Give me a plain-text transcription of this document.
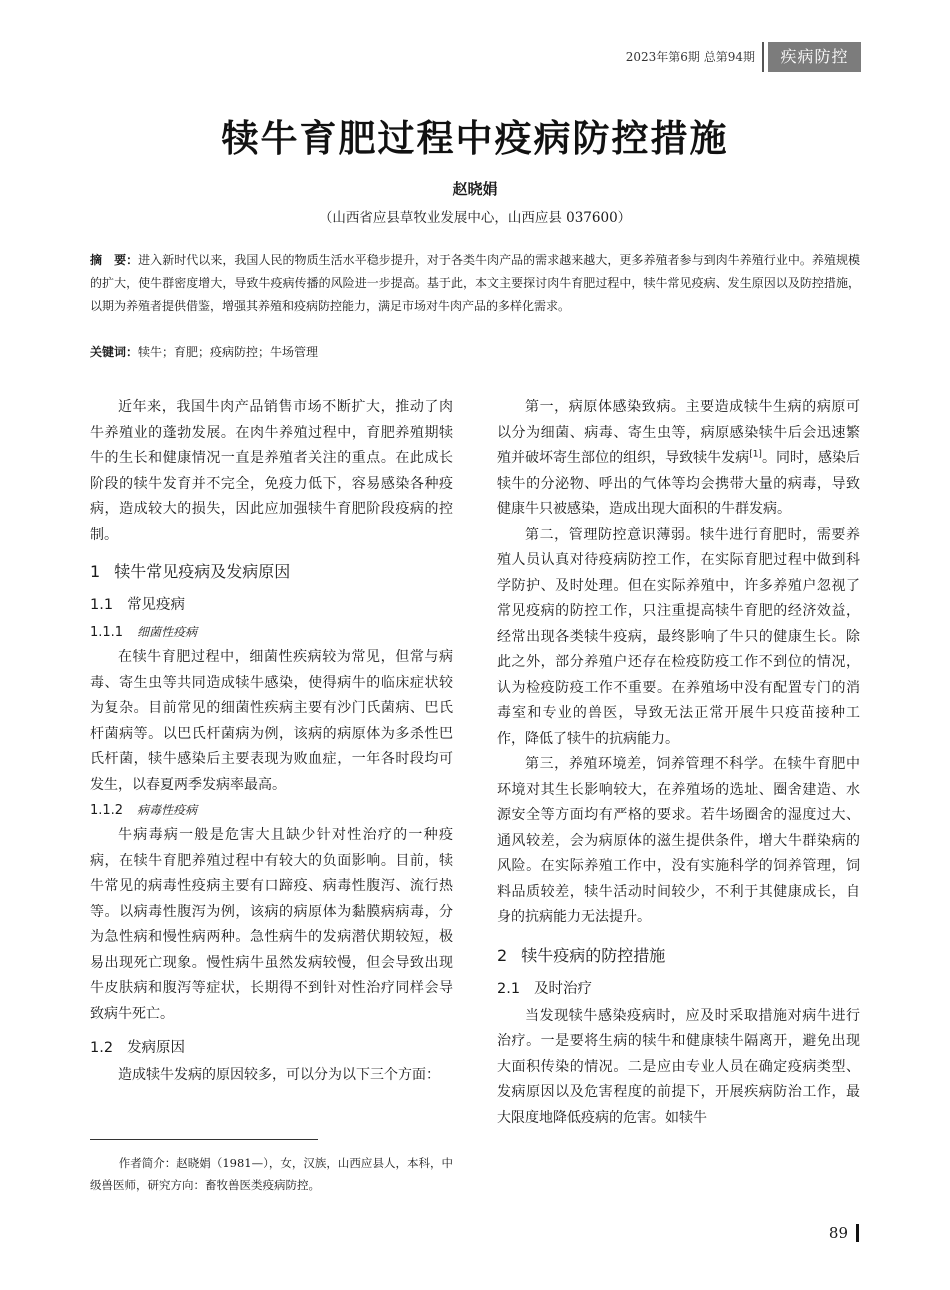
2023年第6期 总第94期	疾病防控
犊牛育肥过程中疫病防控措施
赵晓娟
（山西省应县草牧业发展中心，山西应县 037600）
摘　要：进入新时代以来，我国人民的物质生活水平稳步提升，对于各类牛肉产品的需求越来越大，更多养殖者参与到肉牛养殖行业中。养殖规模的扩大，使牛群密度增大，导致牛疫病传播的风险进一步提高。基于此，本文主要探讨肉牛育肥过程中，犊牛常见疫病、发生原因以及防控措施，以期为养殖者提供借鉴，增强其养殖和疫病防控能力，满足市场对牛肉产品的多样化需求。
关键词：犊牛；育肥；疫病防控；牛场管理

近年来，我国牛肉产品销售市场不断扩大，推动了肉牛养殖业的蓬勃发展。在肉牛养殖过程中，育肥养殖期犊牛的生长和健康情况一直是养殖者关注的重点。在此成长阶段的犊牛发育并不完全，免疫力低下，容易感染各种疫病，造成较大的损失，因此应加强犊牛育肥阶段疫病的控制。

1 犊牛常见疫病及发病原因
1.1 常见疫病
1.1.1 细菌性疫病

在犊牛育肥过程中，细菌性疾病较为常见，但常与病毒、寄生虫等共同造成犊牛感染，使得病牛的临床症状较为复杂。目前常见的细菌性疾病主要有沙门氏菌病、巴氏杆菌病等。以巴氏杆菌病为例，该病的病原体为多杀性巴氏杆菌，犊牛感染后主要表现为败血症，一年各时段均可发生，以春夏两季发病率最高。

1.1.2 病毒性疫病

牛病毒病一般是危害大且缺少针对性治疗的一种疫病，在犊牛育肥养殖过程中有较大的负面影响。目前，犊牛常见的病毒性疫病主要有口蹄疫、病毒性腹泻、流行热等。以病毒性腹泻为例，该病的病原体为黏膜病病毒，分为急性病和慢性病两种。急性病牛的发病潜伏期较短，极易出现死亡现象。慢性病牛虽然发病较慢，但会导致出现牛皮肤病和腹泻等症状，长期得不到针对性治疗同样会导致病牛死亡。

1.2 发病原因

造成犊牛发病的原因较多，可以分为以下三个方面：

第一，病原体感染致病。主要造成犊牛生病的病原可以分为细菌、病毒、寄生虫等，病原感染犊牛后会迅速繁殖并破坏寄生部位的组织，导致犊牛发病[1]。同时，感染后犊牛的分泌物、呼出的气体等均会携带大量的病毒，导致健康牛只被感染，造成出现大面积的牛群发病。

第二，管理防控意识薄弱。犊牛进行育肥时，需要养殖人员认真对待疫病防控工作，在实际育肥过程中做到科学防护、及时处理。但在实际养殖中，许多养殖户忽视了常见疫病的防控工作，只注重提高犊牛育肥的经济效益，经常出现各类犊牛疫病，最终影响了牛只的健康生长。除此之外，部分养殖户还存在检疫防疫工作不到位的情况，认为检疫防疫工作不重要。在养殖场中没有配置专门的消毒室和专业的兽医，导致无法正常开展牛只疫苗接种工作，降低了犊牛的抗病能力。

第三，养殖环境差，饲养管理不科学。在犊牛育肥中环境对其生长影响较大，在养殖场的选址、圈舍建造、水源安全等方面均有严格的要求。若牛场圈舍的湿度过大、通风较差，会为病原体的滋生提供条件，增大牛群染病的风险。在实际养殖工作中，没有实施科学的饲养管理，饲料品质较差，犊牛活动时间较少，不利于其健康成长，自身的抗病能力无法提升。

2 犊牛疫病的防控措施
2.1 及时治疗

当发现犊牛感染疫病时，应及时采取措施对病牛进行治疗。一是要将生病的犊牛和健康犊牛隔离开，避免出现大面积传染的情况。二是应由专业人员在确定疫病类型、发病原因以及危害程度的前提下，开展疾病防治工作，最大限度地降低疫病的危害。如犊牛

作者简介：赵晓娟（1981—），女，汉族，山西应县人，本科，中级兽医师，研究方向：畜牧兽医类疫病防控。
89
